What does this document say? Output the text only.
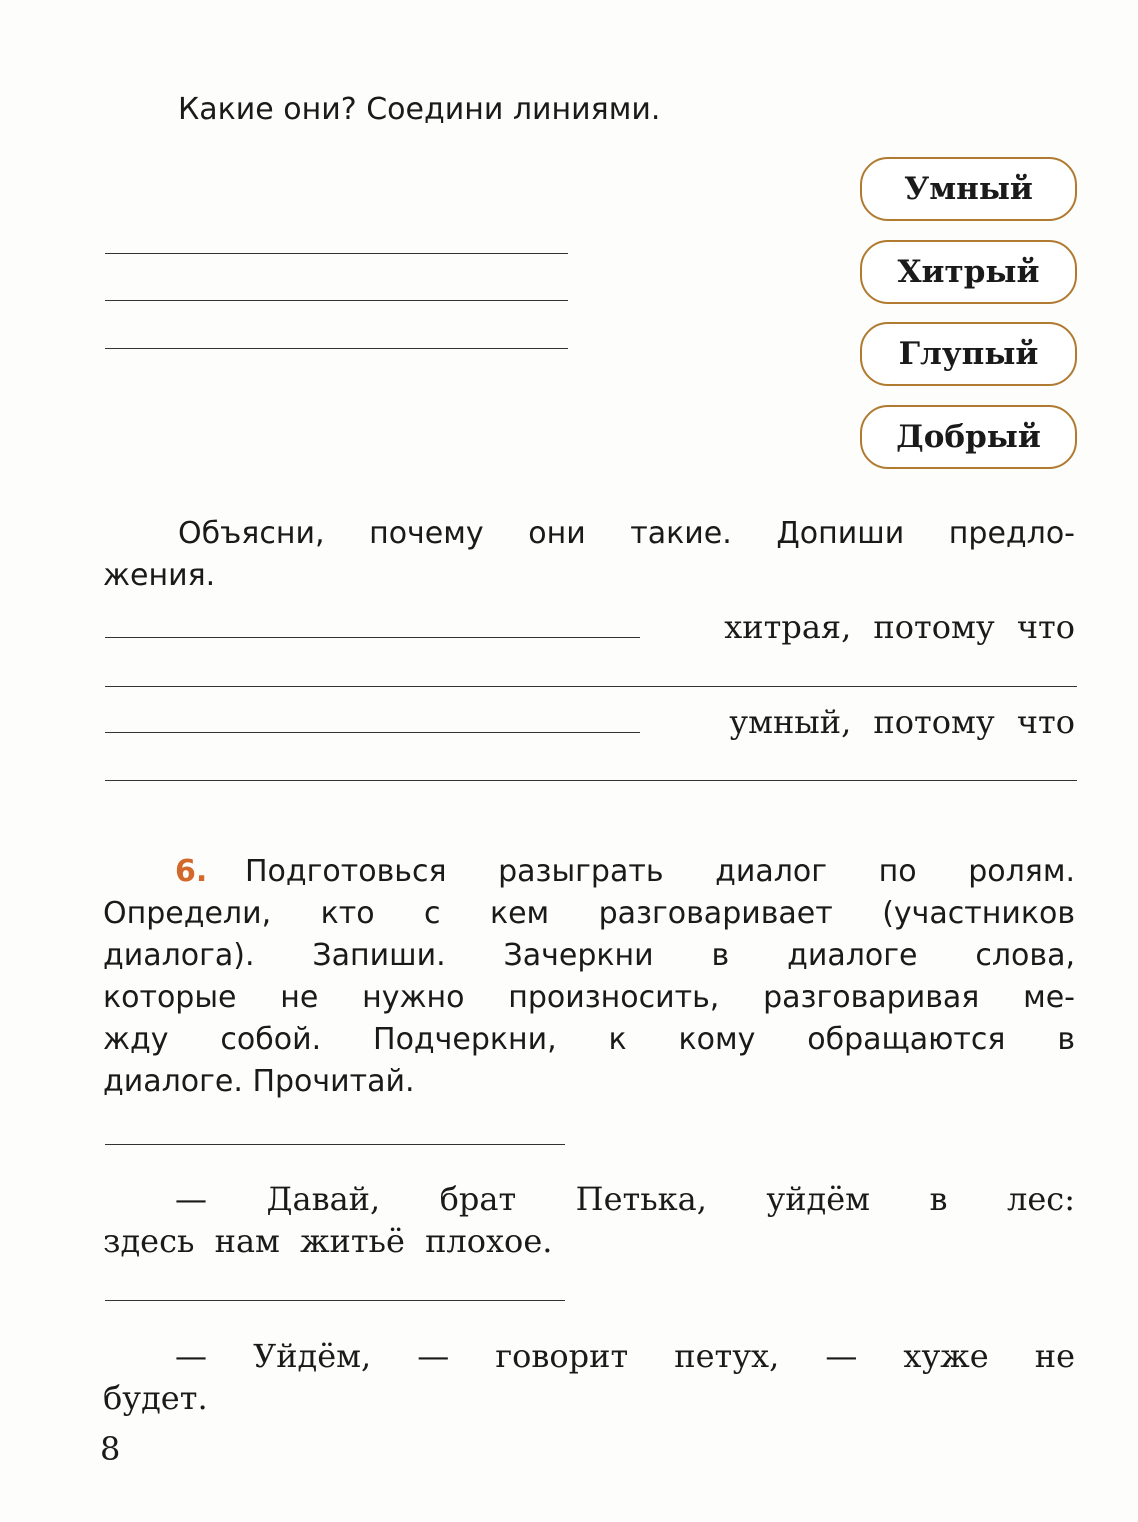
Какие они? Соедини линиями.
Умный
Хитрый
Глупый
Добрый
Объясни, почему они такие. Допиши предло-
жения.
хитрая, потому что
умный, потому что
6. Подготовься разыграть диалог по ролям.
Определи, кто с кем разговаривает (участников
диалога). Запиши. Зачеркни в диалоге слова,
которые не нужно произносить, разговаривая ме-
жду собой. Подчеркни, к кому обращаются в
диалоге. Прочитай.
— Давай, брат Петька, уйдём в лес:
здесь нам житьё плохое.
— Уйдём, — говорит петух, — хуже не
будет.
8
